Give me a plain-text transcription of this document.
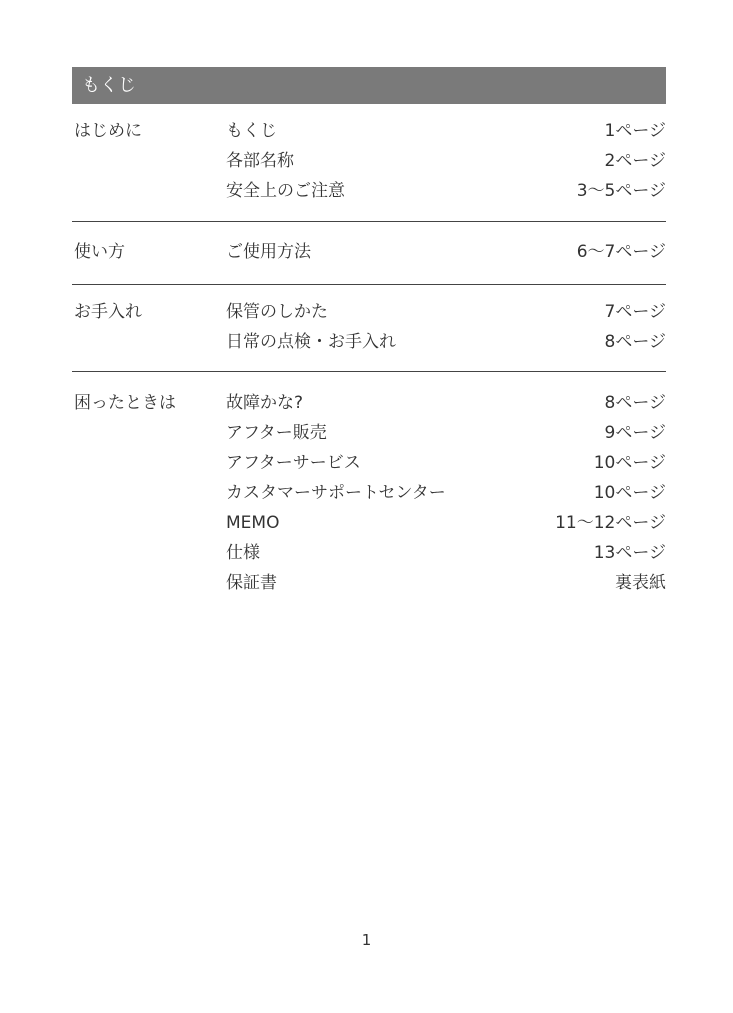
もくじ
はじめに	もくじ	1ページ
各部名称	2ページ
安全上のご注意	3〜5ページ
使い方	ご使用方法	6〜7ページ
お手入れ	保管のしかた	7ページ
日常の点検・お手入れ	8ページ
困ったときは	故障かな?	8ページ
アフター販売	9ページ
アフターサービス	10ページ
カスタマーサポートセンター	10ページ
MEMO	11〜12ページ
仕様	13ページ
保証書	裏表紙
1
